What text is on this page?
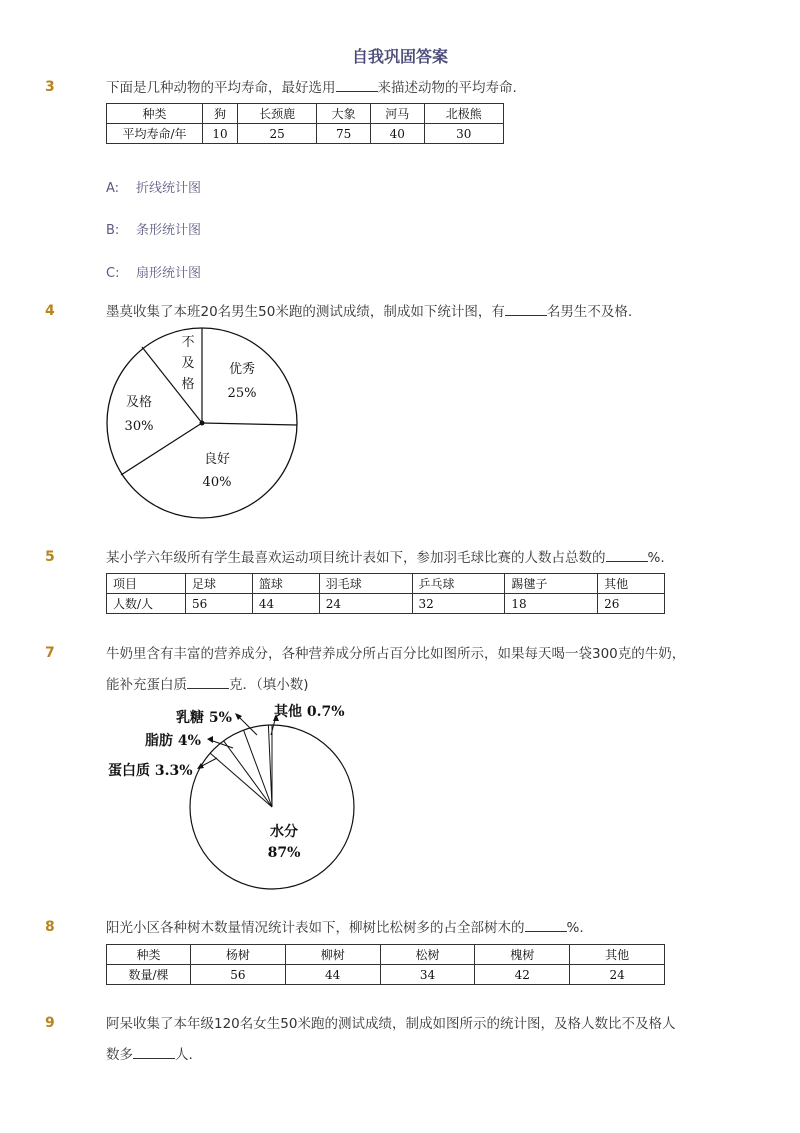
自我巩固答案
3	下面是几种动物的平均寿命，最好选用	来描述动物的平均寿命.
种类	狗	长颈鹿	大象	河马	北极熊
平均寿命/年	10	25	75	40	30
A: 折线统计图
B: 条形统计图
C: 扇形统计图
4	墨莫收集了本班20名男生50米跑的测试成绩，制成如下统计图，有	名男生不及格.
不
及
格
优秀
25%
及格
30%
良好
40%
5	某小学六年级所有学生最喜欢运动项目统计表如下，参加羽毛球比赛的人数占总数的	%.
项目	足球	篮球	羽毛球	乒乓球	踢毽子	其他
人数/人	56	44	24	32	18	26
7	牛奶里含有丰富的营养成分，各种营养成分所占百分比如图所示，如果每天喝一袋300克的牛奶，
能补充蛋白质	克．（填小数)
乳糖 5%	其他 0.7%
脂肪 4%
蛋白质 3.3%
水分
87%
8	阳光小区各种树木数量情况统计表如下，柳树比松树多的占全部树木的	%.
种类	杨树	柳树	松树	槐树	其他
数量/棵	56	44	34	42	24
9	阿呆收集了本年级120名女生50米跑的测试成绩，制成如图所示的统计图，及格人数比不及格人
数多	人.
